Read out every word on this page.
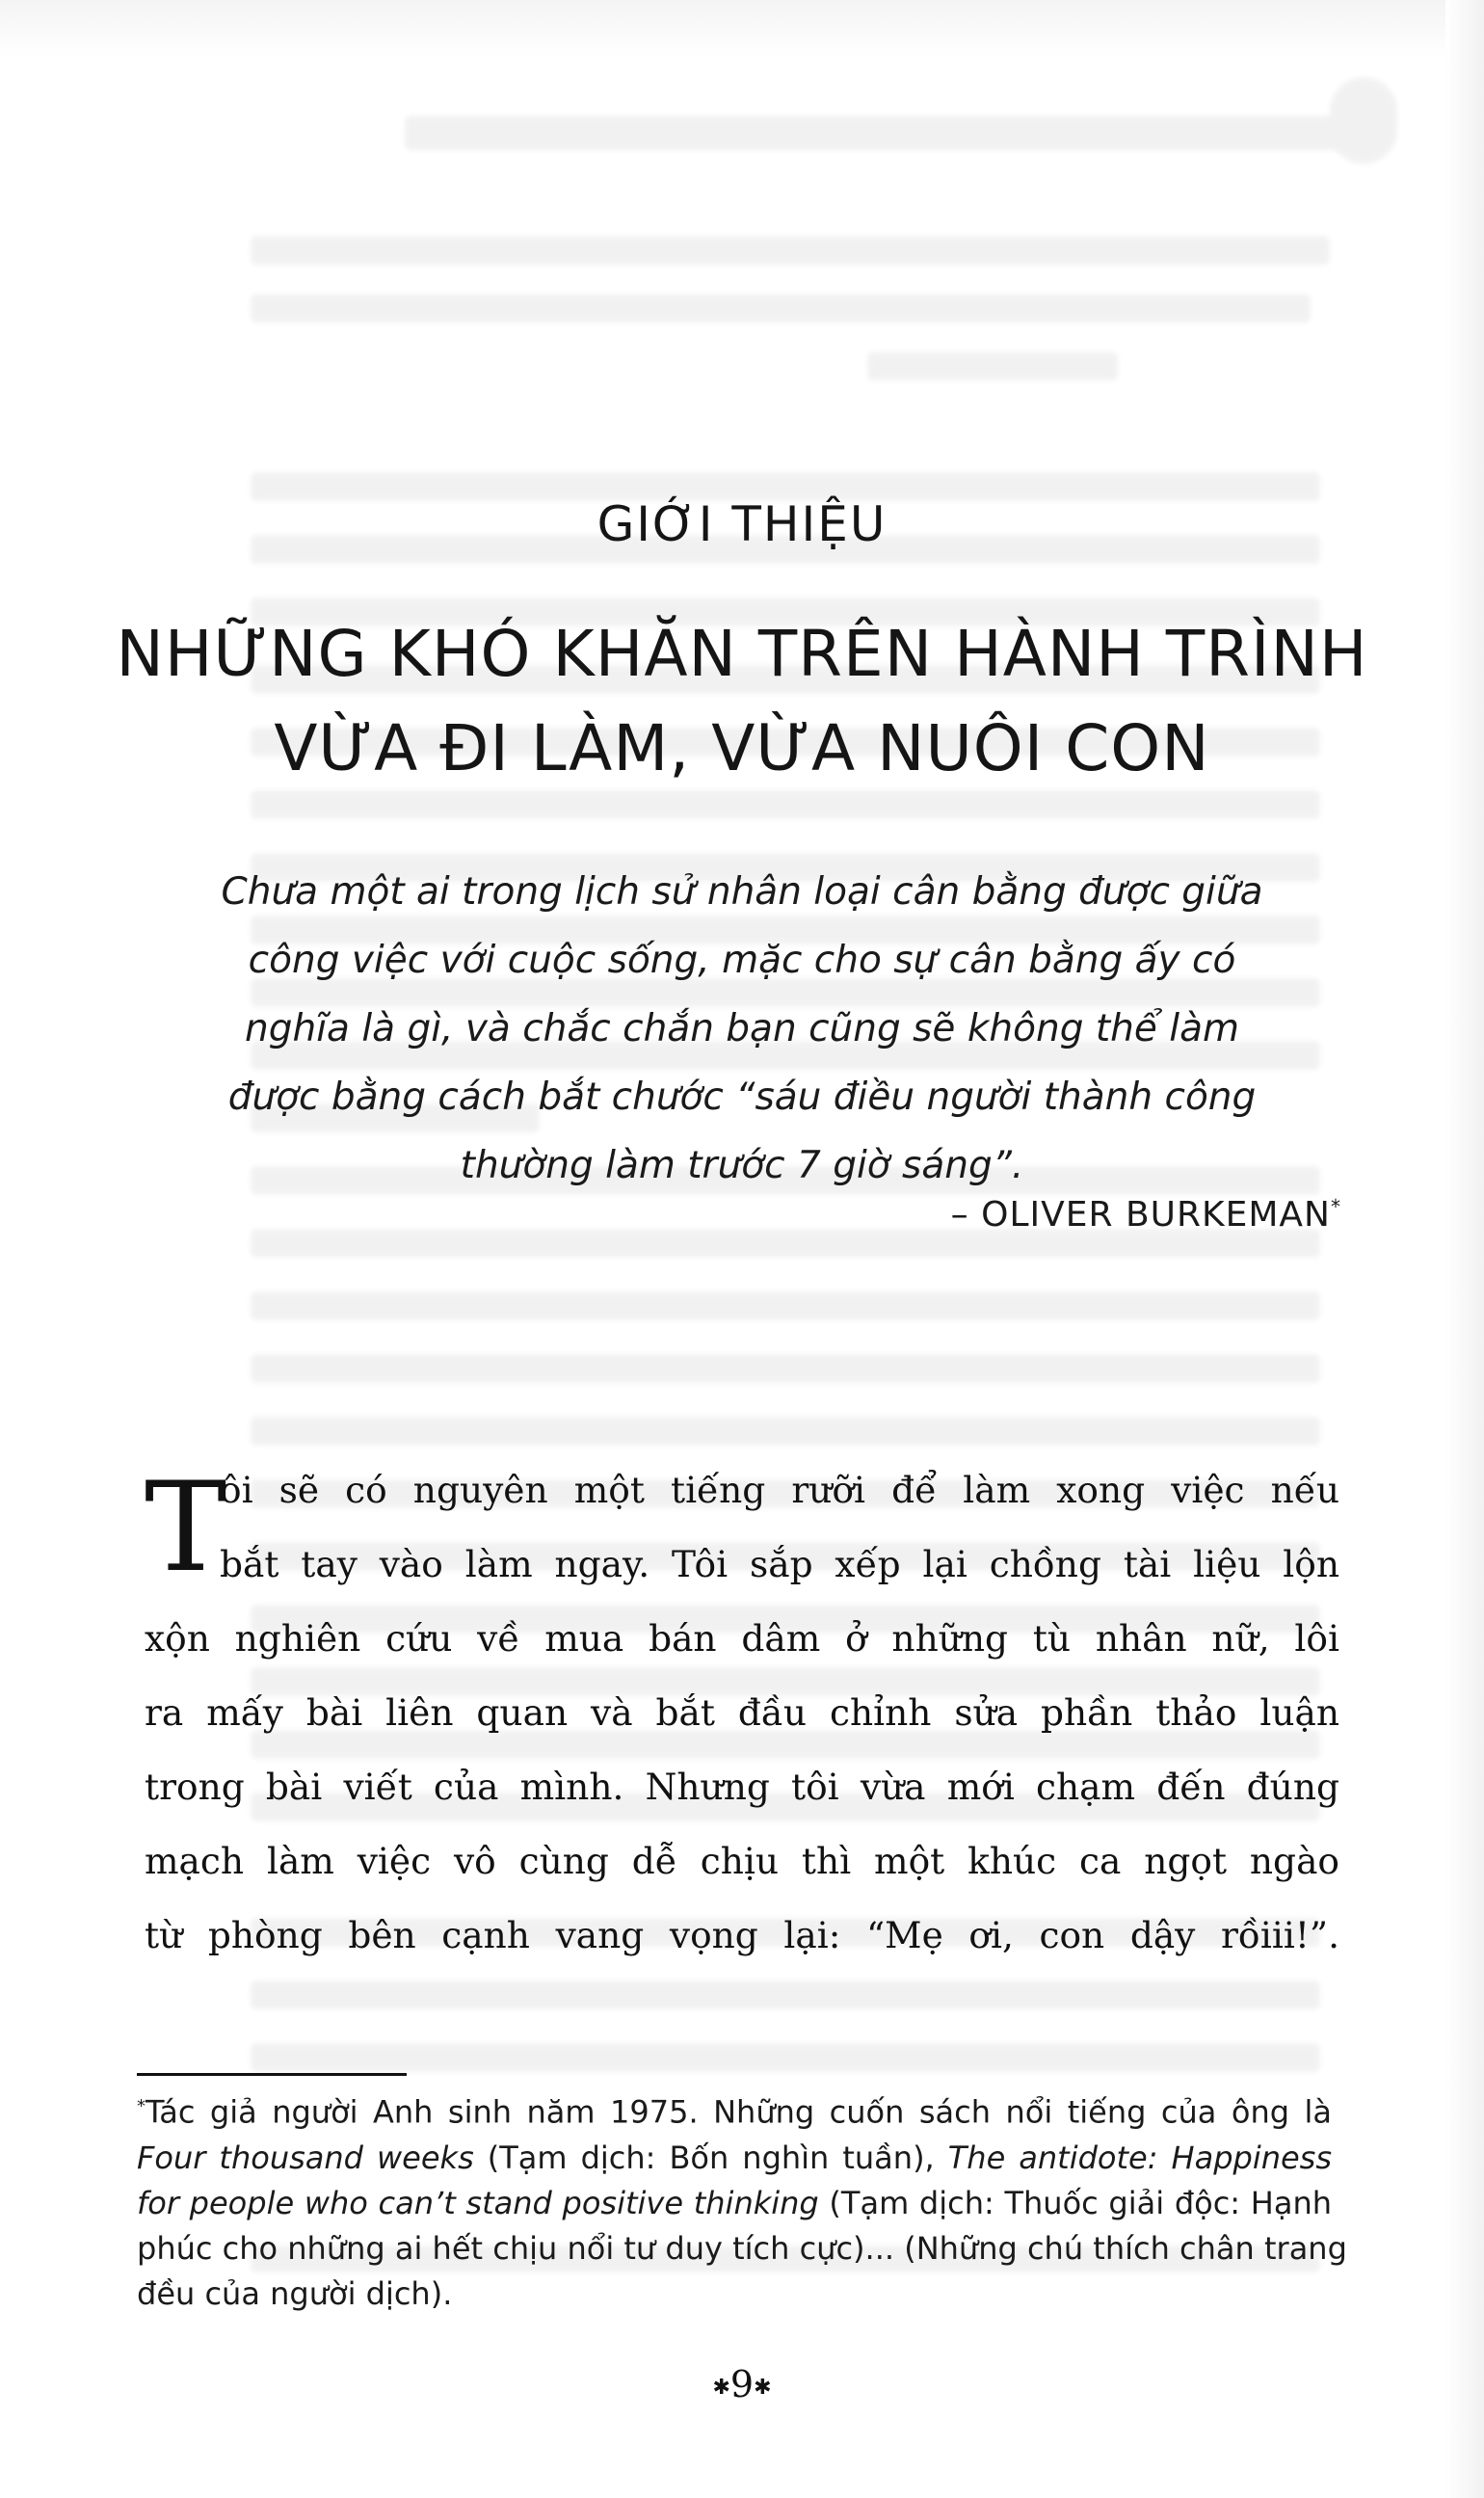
GIỚI THIỆU
NHỮNG KHÓ KHĂN TRÊN HÀNH TRÌNH
VỪA ĐI LÀM, VỪA NUÔI CON
Chưa một ai trong lịch sử nhân loại cân bằng được giữa
công việc với cuộc sống, mặc cho sự cân bằng ấy có
nghĩa là gì, và chắc chắn bạn cũng sẽ không thể làm
được bằng cách bắt chước “sáu điều người thành công
thường làm trước 7 giờ sáng”.
– OLIVER BURKEMAN*
T
ôi sẽ có nguyên một tiếng rưỡi để làm xong việc nếu
bắt tay vào làm ngay. Tôi sắp xếp lại chồng tài liệu lộn
xộn nghiên cứu về mua bán dâm ở những tù nhân nữ, lôi
ra mấy bài liên quan và bắt đầu chỉnh sửa phần thảo luận
trong bài viết của mình. Nhưng tôi vừa mới chạm đến đúng
mạch làm việc vô cùng dễ chịu thì một khúc ca ngọt ngào
từ phòng bên cạnh vang vọng lại: “Mẹ ơi, con dậy rồiii!”.
*Tác giả người Anh sinh năm 1975. Những cuốn sách nổi tiếng của ông là
Four thousand weeks (Tạm dịch: Bốn nghìn tuần), The antidote: Happiness
for people who can’t stand positive thinking (Tạm dịch: Thuốc giải độc: Hạnh
phúc cho những ai hết chịu nổi tư duy tích cực)... (Những chú thích chân trang
đều của người dịch).
✱9✱
